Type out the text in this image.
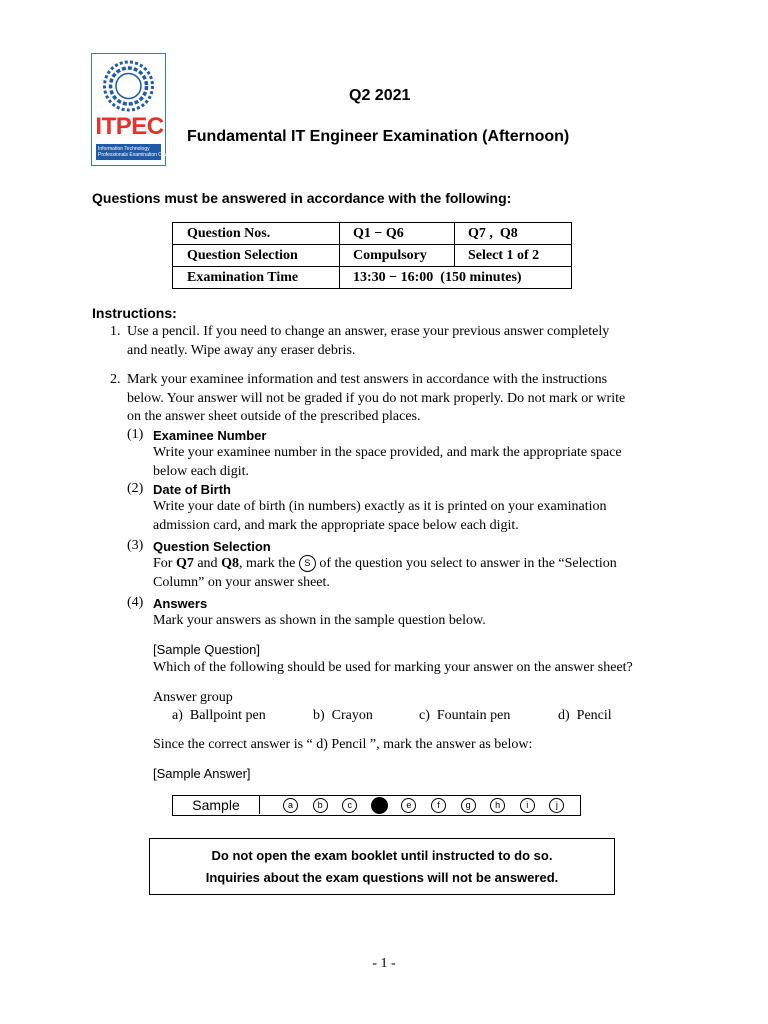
ITPEC
Information Technology
Professionals Examination Council
Q2 2021
Fundamental IT Engineer Examination (Afternoon)
Questions must be answered in accordance with the following:
Question Nos.	Q1 − Q6	Q7 ,  Q8
Question Selection	Compulsory	Select 1 of 2
Examination Time	13:30 − 16:00  (150 minutes)	
Instructions:
1. Use a pencil. If you need to change an answer, erase your previous answer completely
and neatly. Wipe away any eraser debris.
2. Mark your examinee information and test answers in accordance with the instructions
below. Your answer will not be graded if you do not mark properly. Do not mark or write
on the answer sheet outside of the prescribed places.
(1) Examinee Number
Write your examinee number in the space provided, and mark the appropriate space
below each digit.
(2) Date of Birth
Write your date of birth (in numbers) exactly as it is printed on your examination
admission card, and mark the appropriate space below each digit.
(3) Question Selection
For Q7 and Q8, mark the S of the question you select to answer in the “Selection
Column” on your answer sheet.
(4) Answers
Mark your answers as shown in the sample question below.
[Sample Question]
Which of the following should be used for marking your answer on the answer sheet?
Answer group
a)  Ballpoint pen	b)  Crayon	c)  Fountain pen	d)  Pencil
Since the correct answer is “ d) Pencil ”, mark the answer as below:
[Sample Answer]
Sample	a	b	c	e	f	g	h	i	j
Do not open the exam booklet until instructed to do so.
Inquiries about the exam questions will not be answered.
- 1 -
